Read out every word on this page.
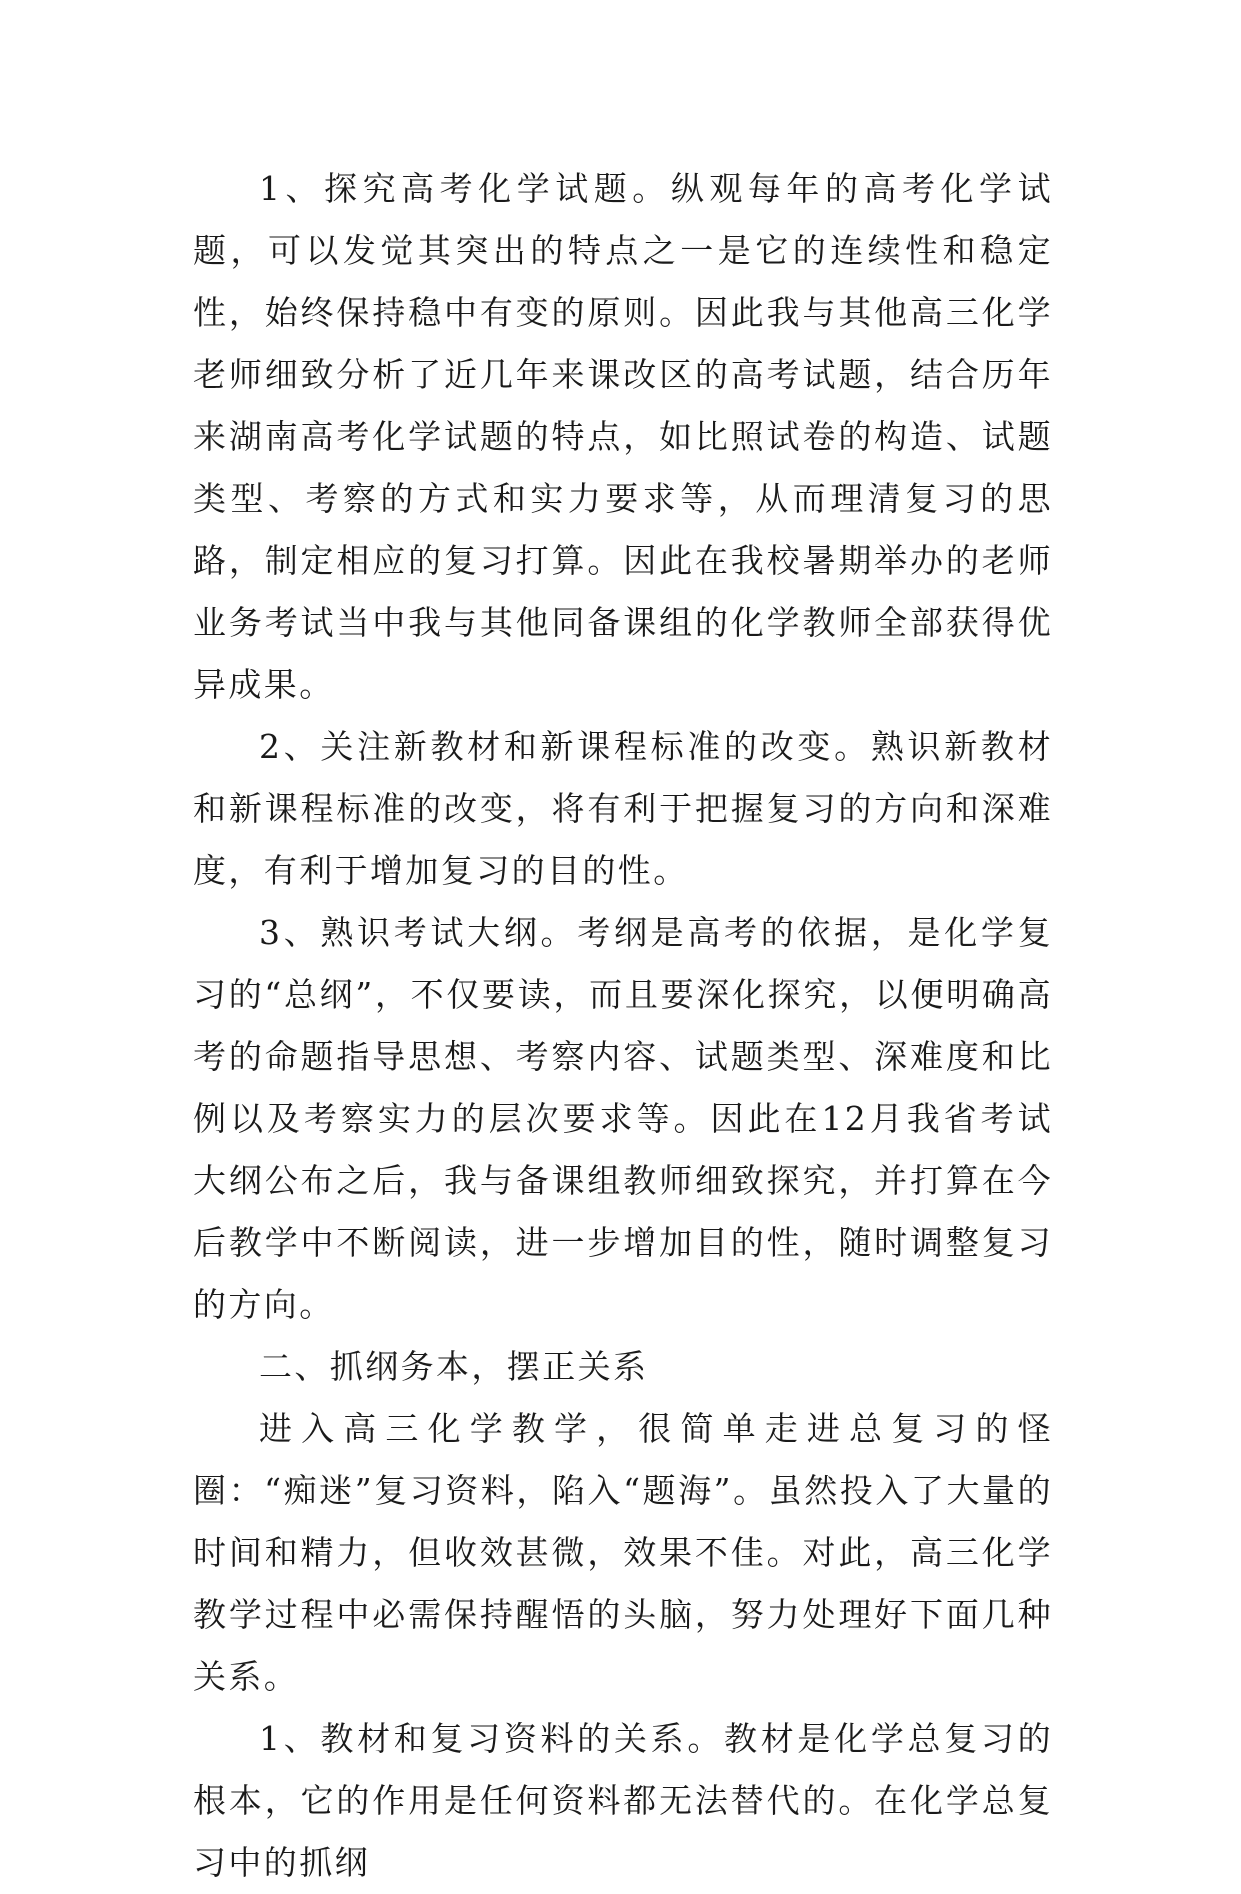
1、探究高考化学试题。纵观每年的高考化学试题，可以发觉其突出的特点之一是它的连续性和稳定性，始终保持稳中有变的原则。因此我与其他高三化学老师细致分析了近几年来课改区的高考试题，结合历年来湖南高考化学试题的特点，如比照试卷的构造、试题类型、考察的方式和实力要求等，从而理清复习的思路，制定相应的复习打算。因此在我校暑期举办的老师业务考试当中我与其他同备课组的化学教师全部获得优异成果。

2、关注新教材和新课程标准的改变。熟识新教材和新课程标准的改变，将有利于把握复习的方向和深难度，有利于增加复习的目的性。

3、熟识考试大纲。考纲是高考的依据，是化学复习的“总纲”，不仅要读，而且要深化探究，以便明确高考的命题指导思想、考察内容、试题类型、深难度和比例以及考察实力的层次要求等。因此在12月我省考试大纲公布之后，我与备课组教师细致探究，并打算在今后教学中不断阅读，进一步增加目的性，随时调整复习的方向。

二、抓纲务本，摆正关系

进入高三化学教学，很简单走进总复习的怪圈：“痴迷”复习资料，陷入“题海”。虽然投入了大量的时间和精力，但收效甚微，效果不佳。对此，高三化学教学过程中必需保持醒悟的头脑，努力处理好下面几种关系。

1、教材和复习资料的关系。教材是化学总复习的根本，它的作用是任何资料都无法替代的。在化学总复习中的抓纲
